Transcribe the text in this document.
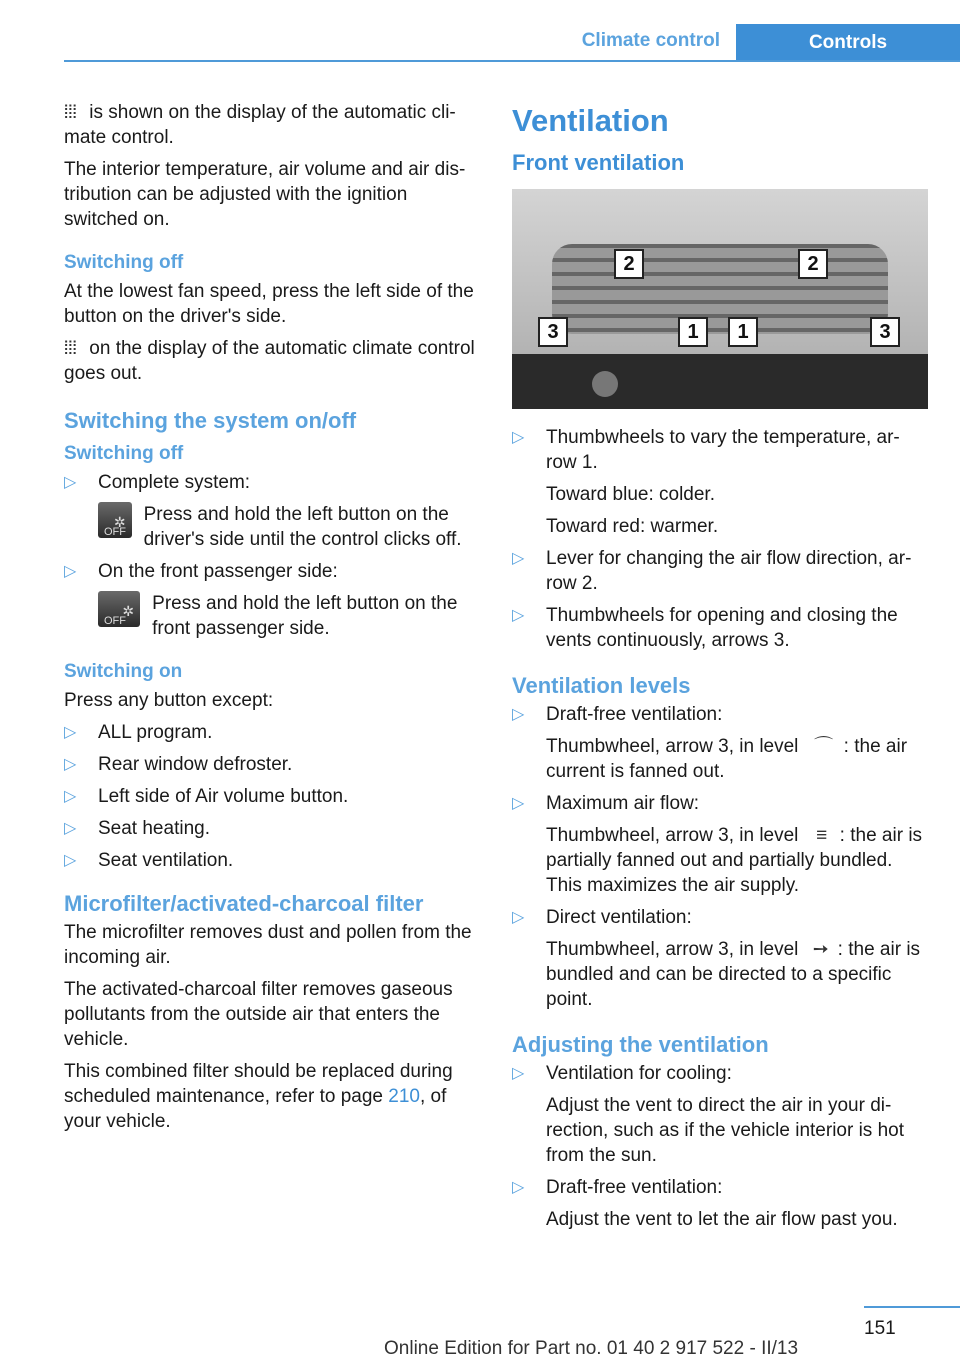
Climate control	Controls

⦙⦙⦙ is shown on the display of the automatic cli-mate control.

The interior temperature, air volume and air dis-tribution can be adjusted with the ignition switched on.

Switching off

At the lowest fan speed, press the left side of the button on the driver's side.

⦙⦙⦙ on the display of the automatic climate control goes out.

Switching the system on/off
Switching off
▷ Complete system:
OFF
✲ Press and hold the left button on the driver's side until the control clicks off.
▷ On the front passenger side:
OFF
✲ Press and hold the left button on the front passenger side.
Switching on

Press any button except:

▷ ALL program.
▷ Rear window defroster.
▷ Left side of Air volume button.
▷ Seat heating.
▷ Seat ventilation.
Microfilter/activated-charcoal filter

The microfilter removes dust and pollen from the incoming air.

The activated-charcoal filter removes gaseous pollutants from the outside air that enters the vehicle.

This combined filter should be replaced during scheduled maintenance, refer to page 210, of your vehicle.

Ventilation
Front ventilation
2	2
3	1	1	3
▷ Thumbwheels to vary the temperature, ar-row 1.
Toward blue: colder.
Toward red: warmer.
▷ Lever for changing the air flow direction, ar-row 2.
▷ Thumbwheels for opening and closing the vents continuously, arrows 3.
Ventilation levels
▷ Draft-free ventilation:
Thumbwheel, arrow 3, in level ⌒ : the air current is fanned out.
▷ Maximum air flow:
Thumbwheel, arrow 3, in level ≡ : the air is partially fanned out and partially bundled. This maximizes the air supply.
▷ Direct ventilation:
Thumbwheel, arrow 3, in level ➙ : the air is bundled and can be directed to a specific point.
Adjusting the ventilation
▷ Ventilation for cooling:
Adjust the vent to direct the air in your di-rection, such as if the vehicle interior is hot from the sun.
▷ Draft-free ventilation:
Adjust the vent to let the air flow past you.
151
Online Edition for Part no. 01 40 2 917 522 - II/13
